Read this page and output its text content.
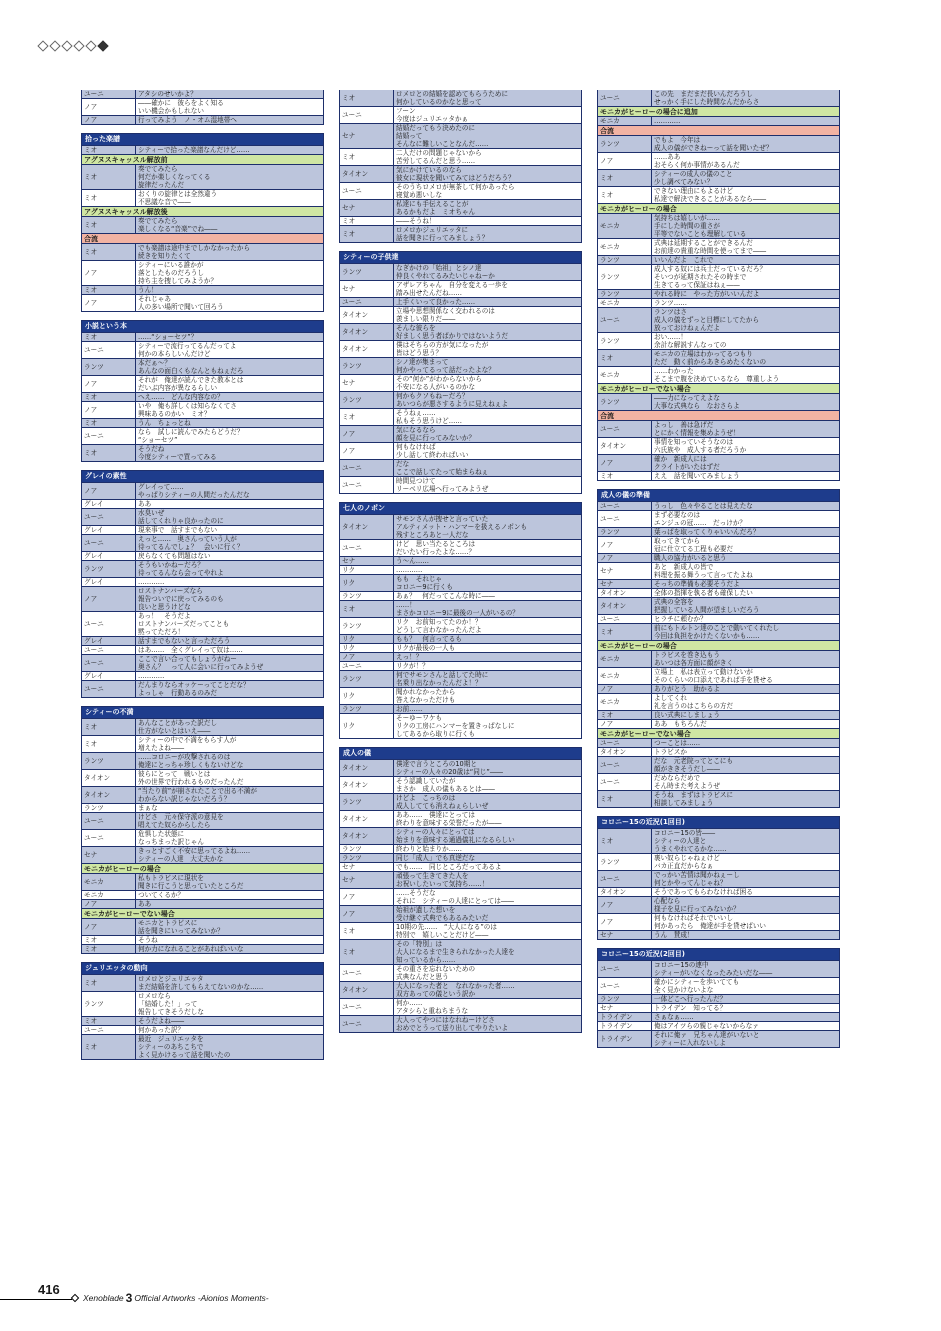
ユーニ	アタシのせいかよ？
ノア	――確かに　彼らをよく知る
いい機会かもしれない
ノア	行ってみよう　ノ・オム湿地帯へ
拾った楽譜
ミオ	シティーで拾った楽譜なんだけど……
アグヌスキャッスル解放前
ミオ
奏でてみたら
何だか楽しくなってくる
旋律だったんだ
ミオ	おくりの旋律とは全然違う
不思議な音で――
アグヌスキャッスル解放後
ミオ	奏でてみたら
楽しくなる“音楽”でね――
合流
ミオ	でも楽譜は途中までしかなかったから
続きを知りたくて
ノア
シティーにいる誰かが
落としたものだろうし
持ち主を捜してみようか？
ミオ	うん！
ノア	それじゃあ
人の多い場所で聞いて回ろう
小説という本
ミオ	……“ショーセツ”？
ユーニ	シティーで流行ってるんだってよ
何かの本らしいんだけど
ランツ	本だぁ～？
あんなの面白くもなんともねぇだろ
ノア	それが　俺達が読んできた教本とは
だいぶ内容が異なるらしい
ミオ	へえ……　どんな内容なの？
ノア	いや　俺も詳しくは知らなくてさ
興味あるのかい　ミオ？
ミオ	うん　ちょっとね
ユーニ	なら　試しに読んでみたらどうだ？
“ショーセツ”
ミオ	そうだね
今度シティーで買ってみる
グレイの素性
ノア	グレイって……
やっぱりシティーの人間だったんだな
グレイ	ああ
ユーニ	水臭いぜ
話してくれりゃ良かったのに
グレイ	現来事で　話すまでもない
ユーニ	えっと……　奥さんっていう人が
待ってるんでしょ？　会いに行く？
グレイ	戻らなくても問題はない
ランツ	そうもいかねーだろ？
待ってるんなら会ってやれよ
グレイ	…………
ノア
ロストナンバーズなら
報告ついでに戻ってみるのも
良いと思うけどな
ユーニ
あっ！　そうだよ
ロストナンバーズだってことも
黙ってただろ！
グレイ	話すまでもないと言っただろう
ユーニ	はあ……　全くグレイって奴は……
ユーニ	ここで言い合ってもしょうがねー
奥さん？　って人に会いに行ってみようぜ
グレイ	…………
ユーニ	だんまりならオッケーってことだな？
よっしゃ　行動あるのみだ
シティーの不満
ミオ	あんなことがあった訳だし
仕方がないとはいえ――
ミオ	シティーの中で不満をもらす人が
増えたよね――
ランツ	……コロニーが攻撃されるのは
俺達にとっちゃ珍しくもないけどな
タイオン	彼らにとって　戦いとは
外の世界で行われるものだったんだ
タイオン	“当たり前”が崩されたことで出る不満が
わからない訳じゃないだろう？
ランツ	まぁな
ユーニ	けどさ　元々保守派の意見を
唱えてた奴らからしたら
ユーニ	危惧した状態に
なっちまった訳じゃん
セナ	きっとすごく不安に思ってるよね……
シティーの人達　大丈夫かな
モニカがヒーローの場合
モニカ	私もトラビスに現状を
聞きに行こうと思っていたところだ
モニカ	ついてくるか？
ノア	ああ
モニカがヒーローでない場合
ノア	モニカとトラビスに
話を聞きにいってみないか？
ミオ	そうね
ミオ	何か力になれることがあればいいな
ジュリエッタの動向
ミオ	ロメロとジュリエッタ
まだ結婚を許してもらえてないのかな……
ランツ
ロメロなら
「結婚した！」って
報告してきそうだしな
ミオ	そうだよね――
ユーニ	何かあった訳？
ミオ
最近　ジュリエッタを
シティーのあちこちで
よく見かけるって話を聞いたの
ミオ	ロメロとの結婚を認めてもらうために
何かしているのかなと思って
ユーニ	フーン
今度はジュリエッタかぁ
セナ
結婚だってもう決めたのに
結婚って
そんなに難しいことなんだ……
ミオ	二人だけの問題じゃないから
苦労してるんだと思う……
タイオン	気にかけているのなら
彼女に現状を聞いてみてはどうだろう？
ユーニ	そのうちロメロが無茶して何かあったら
寝覚め悪いしな
セナ	私達にも手伝えることが
あるかもだよ　ミオちゃん
ミオ	――そうね！
ミオ	ロメロかジュリエッタに
話を聞きに行ってみましょう？
シティーの子供達
ランツ	なぎかけの「始祖」とシノ達
仲良くやれてるみたいじゃねーか
セナ	アザレアちゃん　自分を変える一歩を
踏み出せたんだね……
ユーニ	上手くいって良かった……
タイオン	立場や思想関係なく交われるのは
羨ましい限りだ――
タイオン	そんな彼らを
好ましく思う者ばかりではないようだ
タイオン	僕はそちらの方が気になったが
皆はどう思う？
ランツ	シノ達が集まって
何かやってるって話だったよな？
セナ	その“何か”がわからないから
不安になる人がいるのかな
ランツ	何かもクソもねーだろ？
あいつらが悪さするように見えねぇよ
ミオ	そうねぇ……
私もそう思うけど……
ノア	気になるなら
顔を見に行ってみないか？
ノア	何もなければ
少し話して終わればいい
ユーニ	だな
ここで話してたって始まらねぇ
ユーニ	時間見つけて
リーベリ広場へ行ってみようぜ
七人のノポン
タイオン
サモンさんが捜せと言っていた
アルティメット・ハンマーを扱えるノポンも
残すところあと一人だな
ユーニ	けど　思い当たるところは
だいたい行ったよな……？
セナ	う～ん……
リク	…………
リク	もも　それじゃ
コロニー9に行くも
ランツ	あぁ？　何だってこんな時に――
ミオ	……！
まさかコロニー9に最後の一人がいるの？
ランツ	リク　お前知ってたのか！？
どうして言わなかったんだよ
リク	もも？　何言ってるも
リク	リクが最後の一人も
ノア	えっ！？
ユーニ	リクが！？
ランツ	何でサモンさんと話してた時に
名乗り出なかったんだよ！？
リク	聞かれなかったから
答えなかっただけも
ランツ	お前……
リク
そーゆーワケも
リクの工房にハンマーを置きっぱなしに
してあるから取りに行くも
成人の儀
タイオン	僕達で言うところの10期と
シティーの人々の20歳は“同じ”――
タイオン	そう認識していたが
まさか　成人の儀もあるとは――
ランツ	けどよ　こっちのは
成人してても消えねぇらしいぜ
タイオン	ああ……　僕達にとっては
終わりを意味する栄誉だったが――
タイオン	シティーの人々にとっては
始まりを意味する通過儀礼になるらしい
ランツ	終わりと始まりか……
ランツ	同じ「成人」でも真逆だな
セナ	でも……　同じところだってあるよ
セナ	頑張って生きてきた人を
お祝いしたいって気持ち……！
ノア	……そうだな
それに　シティーの人達にとっては――
ノア	始祖が遺した想いを
受け継ぐ式典でもあるみたいだ
ミオ	10期の先……　“大人になる”のは
特別で　嬉しいことだけど――
ミオ
その「特別」は
大人になるまで生きられなかった人達を
知っているから……
ユーニ	その重さを忘れないための
式典なんだと思う
タイオン	大人になった者と　なれなかった者……
双方あっての儀という訳か
ユーニ	何か……
アタシらと重ねちまうな
ユーニ	大人ってやつにはなれねーけどさ
おめでとうって送り出してやりたいよ
ユーニ	この先　まだまだ長いんだろうし
せっかく手にした時間なんだからさ
モニカがヒーローの場合に追加
モニカ	…………
合流
ランツ	でもよ　今年は
成人の儀ができねーって話を聞いたぜ？
ノア	……ああ
おそらく何か事情があるんだ
ミオ	シティーの成人の儀のこと
少し調べてみない？
ミオ	できない理由にもよるけど
私達で解決できることがあるなら――
モニカがヒーローの場合
モニカ
気持ちは嬉しいが……
手にした時間の重さが
平等でないことも理解している
モニカ	式典は延期することができるんだ
お前達の貴重な時間を使ってまで――
ランツ	いいんだよ　これで
ランツ
成人する奴には兵士だっているだろ？
そいつが延期されたその時まで
生きてるって保証はねぇ――
ランツ	やれる時に　やった方がいいんだよ
モニカ	ランツ……
ユーニ
ランツはさ
成人の儀をずっと目標にしてたから
放っておけねぇんだよ
ランツ	おい……！
余計な解説すんなっての
ミオ	モニカの立場はわかってるつもり
ただ　動く前からあきらめたくないの
モニカ	……わかった
そこまで腹を決めているなら　尊重しよう
モニカがヒーローでない場合
ランツ	――力になってえよな
大事な式典なら　なおさらよ
合流
ユーニ	よっし　善は急げだ
とにかく情報を集めようぜ！
タイオン	事情を知っていそうなのは
六氏族や　成人する者だろうか
ノア	確か　新成人には
クライトがいたはずだ
ミオ	ええ　話を聞いてみましょう
成人の儀の準備
ユーニ	うっし　色々やることは見えたな
ユーニ	まず必要なのは
エンジュの冠……　だっけか？
ランツ	葉っぱを取ってくりゃいいんだろ？
ノア	取ってきてから
冠に仕立てる工程も必要だ
ノア	職人の協力がいると思う
セナ	あと　新成人の皆で
料理を振る舞うって言ってたよね
セナ	そっちの準備も必要そうだよ
タイオン	全体の指揮を執る者も確保したい
タイオン	式典の全容を
把握している人間が望ましいだろう
ユーニ	ヒラチに頼むか？
ミオ	前にもトルトン達のことで動いてくれたし
今回は負担をかけたくないかも……
モニカがヒーローの場合
モニカ	トラビスを巻き込もう
あいつは各方面に顔がきく
モニカ	立場上　私は表立って動けないが
そのくらいの口添えであれば手を貸せる
ノア	ありがとう　助かるよ
モニカ	よしてくれ
礼を言うのはこちらの方だ
ミオ	良い式典にしましょう
ノア	ああ　もちろんだ
モニカがヒーローでない場合
ユーニ	つーことは……
タイオン	トラビスか
ユーニ	だな　元老院ってとこにも
顔がききそうだし――
ユーニ	だめならだめで
そん時また考えようぜ
ミオ	そうね　まずはトラビスに
相談してみましょう
コロニー15の近況(1回目)
ミオ
コロニー15の皆――
シティーの人達と
うまくやれてるかな……
ランツ	裏い奴らじゃねぇけど
バカ正直だからなぁ
ユーニ	でっかい苦情は聞かねぇーし
何とかやってんじゃね？
タイオン	そうであってもらわなければ困る
ノア	心配なら
様子を見に行ってみないか？
ノア	何もなければそれでいいし
何かあったら　俺達が手を貸せばいい
セナ	うん　賛成！
コロニー15の近況(2回目)
ユーニ	コロニー15の連中
シティーがいなくなったみたいだな――
ユーニ	確かにシティーを歩いてても
全く見かけないよな
ランツ	一体どこへ行ったんだ？
セナ	トライデン　知ってる？
トライデン	さぁなぁ……
トライデン	俺はアイツらの親じゃないからなァ
トライデン	それに俺ァ　兄ちゃん達がいないと
シティーに入れないしよ
416
Xenoblade 3 Official Artworks -Aionios Moments-
